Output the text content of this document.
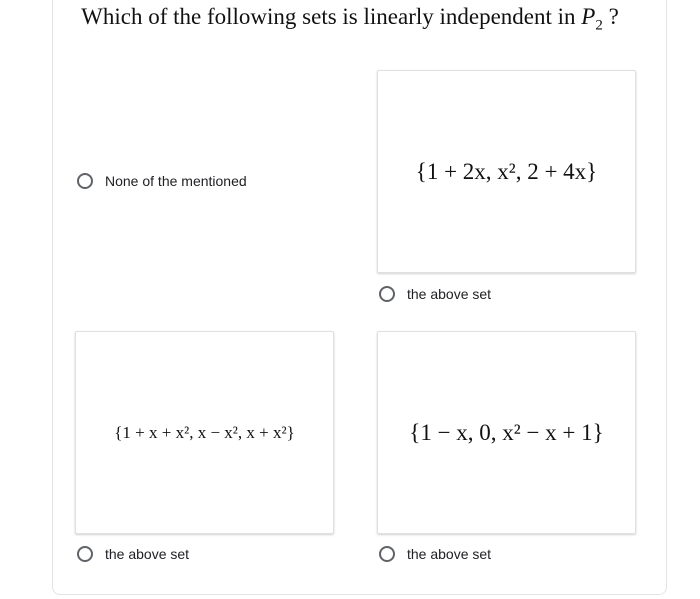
Which of the following sets is linearly independent in $P_2$ ?
None of the mentioned	{1 + 2x, x², 2 + 4x}
the above set
{1 + x + x², x − x², x + x²}
the above set
{1 − x, 0, x² − x + 1}
the above set
